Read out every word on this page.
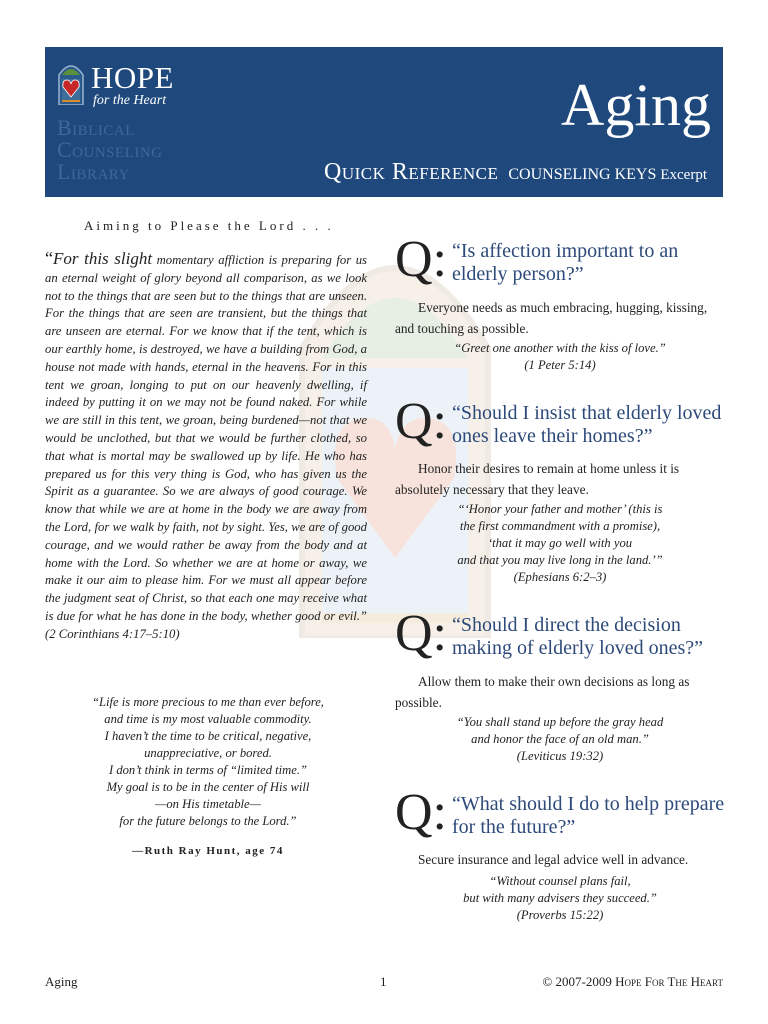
HOPE
for the Heart
Biblical
Counseling
Library
Aging
Quick Reference COUNSELING KEYS Excerpt
Aiming to Please the Lord . . .
“For this slight momentary affliction is preparing for us an eternal weight of glory beyond all comparison, as we look not to the things that are seen but to the things that are unseen. For the things that are seen are transient, but the things that are unseen are eternal. For we know that if the tent, which is our earthly home, is destroyed, we have a building from God, a house not made with hands, eternal in the heavens. For in this tent we groan, longing to put on our heavenly dwelling, if indeed by putting it on we may not be found naked. For while we are still in this tent, we groan, being burdened—not that we would be unclothed, but that we would be further clothed, so that what is mortal may be swallowed up by life. He who has prepared us for this very thing is God, who has given us the Spirit as a guarantee. So we are always of good courage. We know that while we are at home in the body we are away from the Lord, for we walk by faith, not by sight. Yes, we are of good courage, and we would rather be away from the body and at home with the Lord. So whether we are at home or away, we make it our aim to please him. For we must all appear before the judgment seat of Christ, so that each one may receive what is due for what he has done in the body, whether good or evil.” (2 Corinthians 4:17–5:10)
“Life is more precious to me than ever before,
and time is my most valuable commodity.
I haven’t the time to be critical, negative,
unappreciative, or bored.
I don’t think in terms of “limited time.”
My goal is to be in the center of His will
—on His timetable—
for the future belongs to the Lord.”
—Ruth Ray Hunt, age 74
Q: “Is affection important to an elderly person?”
Everyone needs as much embracing, hugging, kissing, and touching as possible.
“Greet one another with the kiss of love.”
(1 Peter 5:14)
Q: “Should I insist that elderly loved ones leave their homes?”
Honor their desires to remain at home unless it is absolutely necessary that they leave.
“‘Honor your father and mother’ (this is
the first commandment with a promise),
‘that it may go well with you
and that you may live long in the land.’”
(Ephesians 6:2–3)
Q: “Should I direct the decision making of elderly loved ones?”
Allow them to make their own decisions as long as possible.
“You shall stand up before the gray head
and honor the face of an old man.”
(Leviticus 19:32)
Q: “What should I do to help prepare for the future?”
Secure insurance and legal advice well in advance.
“Without counsel plans fail,
but with many advisers they succeed.”
(Proverbs 15:22)
Aging	1	© 2007-2009 Hope For The Heart
